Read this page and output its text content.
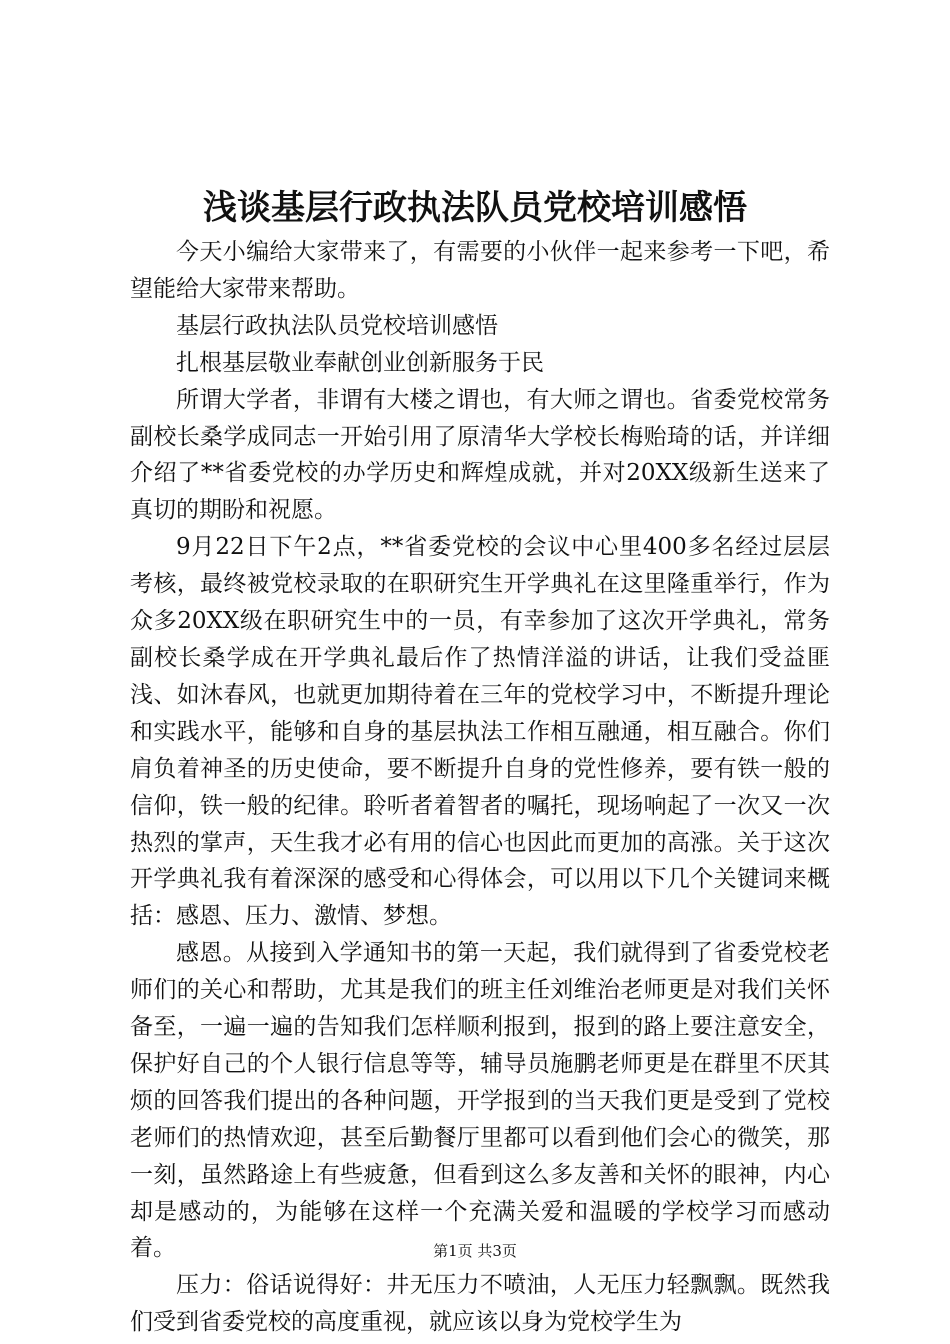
浅谈基层行政执法队员党校培训感悟

今天小编给大家带来了，有需要的小伙伴一起来参考一下吧，希望能给大家带来帮助。

基层行政执法队员党校培训感悟

扎根基层敬业奉献创业创新服务于民

所谓大学者，非谓有大楼之谓也，有大师之谓也。省委党校常务副校长桑学成同志一开始引用了原清华大学校长梅贻琦的话，并详细介绍了**省委党校的办学历史和辉煌成就，并对20XX级新生送来了真切的期盼和祝愿。

9月22日下午2点，**省委党校的会议中心里400多名经过层层考核，最终被党校录取的在职研究生开学典礼在这里隆重举行，作为众多20XX级在职研究生中的一员，有幸参加了这次开学典礼，常务副校长桑学成在开学典礼最后作了热情洋溢的讲话，让我们受益匪浅、如沐春风，也就更加期待着在三年的党校学习中，不断提升理论和实践水平，能够和自身的基层执法工作相互融通，相互融合。你们肩负着神圣的历史使命，要不断提升自身的党性修养，要有铁一般的信仰，铁一般的纪律。聆听者着智者的嘱托，现场响起了一次又一次热烈的掌声，天生我才必有用的信心也因此而更加的高涨。关于这次开学典礼我有着深深的感受和心得体会，可以用以下几个关键词来概括：感恩、压力、激情、梦想。

感恩。从接到入学通知书的第一天起，我们就得到了省委党校老师们的关心和帮助，尤其是我们的班主任刘维治老师更是对我们关怀备至，一遍一遍的告知我们怎样顺利报到，报到的路上要注意安全，保护好自己的个人银行信息等等，辅导员施鹏老师更是在群里不厌其烦的回答我们提出的各种问题，开学报到的当天我们更是受到了党校老师们的热情欢迎，甚至后勤餐厅里都可以看到他们会心的微笑，那一刻，虽然路途上有些疲惫，但看到这么多友善和关怀的眼神，内心却是感动的，为能够在这样一个充满关爱和温暖的学校学习而感动着。

压力：俗话说得好：井无压力不喷油，人无压力轻飘飘。既然我们受到省委党校的高度重视，就应该以身为党校学生为

第1页 共3页
